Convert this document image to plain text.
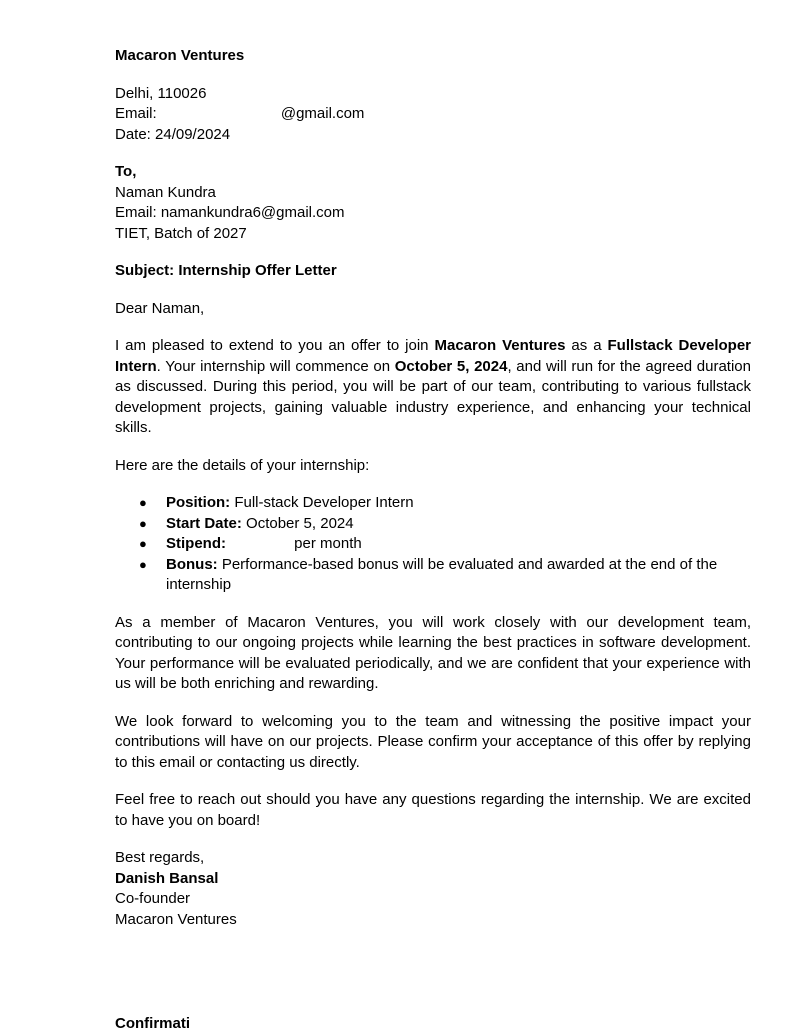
Macaron Ventures
Delhi, 110026
Email:	@gmail.com
Date: 24/09/2024
To,
Naman Kundra
Email: namankundra6@gmail.com
TIET, Batch of 2027
Subject: Internship Offer Letter
Dear Naman,

I am pleased to extend to you an offer to join Macaron Ventures as a Fullstack Developer Intern. Your internship will commence on October 5, 2024, and will run for the agreed duration as discussed. During this period, you will be part of our team, contributing to various fullstack development projects, gaining valuable industry experience, and enhancing your technical skills.

Here are the details of your internship:
● Position: Full-stack Developer Intern
● Start Date: October 5, 2024
● Stipend:	per month
● Bonus: Performance-based bonus will be evaluated and awarded at the end of the internship

As a member of Macaron Ventures, you will work closely with our development team, contributing to our ongoing projects while learning the best practices in software development. Your performance will be evaluated periodically, and we are confident that your experience with us will be both enriching and rewarding.

We look forward to welcoming you to the team and witnessing the positive impact your contributions will have on our projects. Please confirm your acceptance of this offer by replying to this email or contacting us directly.

Feel free to reach out should you have any questions regarding the internship. We are excited to have you on board!

Best regards,
Danish Bansal
Co-founder
Macaron Ventures
Confirmati
